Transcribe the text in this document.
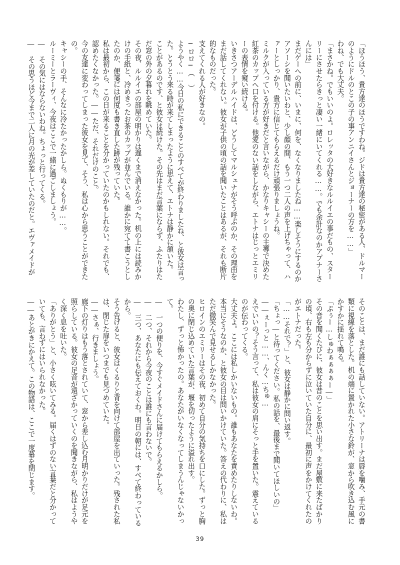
「ほうほう、貴方達のほうですわね。ジドは貴方達の秘密がある人、ドルマーのようにドルのとこの子の事アンニイさんとジョーナーの方を……」

わね、でも大丈夫。

「まさかね。でもいいのよ。ロレッタの大好きなルルイエの事だもの、スターリーにさせたらきっと凄い一緒にいてくれる……。でも余計なのかアプナーさんには」

まだゲーへの前に、いまに、何を、なくなりましたね……楽しそうにするのかアソーシを聞いたいわと、少し顔の間、もう一つ二人の声を上げちゃって、ハァーとしっかり、貴方に信じてもらえるだけ頑張りましょうね。

ミルクが入っている方が好きだと言いながら、かなりキャシーの主導で決めた紅茶のカップへ口を付ける。他愛のない話をしながら、エトナはじっとエミリーの表情を窺い続ける。

いきさつアーデルハイドは、どうしてマルシュナがそう呼ぶのか、その理由をまだ話してくれない。彼女が子供の頃の話を聞いたことはあるが、それも断片的なものだった。

支えてくれる人が好きなの。

─ロロ─（ ）

ようやく……今日の私にできることのすべてが終わりましたね、と彼女は言った。とうとう来る時が来てしまったように思えて、エトナは静かに頷いた。

ことがあるのです、と彼女は続けた。その先はまだ言葉にならず、ふたりはただ窓の外の夕暮れを眺めていた。

その夜、ルルイエの部屋の明かりは遅くまで消えなかった。机の上には読みかけの手紙と、冷めきったお茶のカップが並んでいる。誰かに宛てて書こうとしたのか、便箋には何度も書き直した跡が残っていた。

私は最初から、この日が来ることを分かっていたのかもしれない。それでも、認めたくなかった。――ただ、それだけのこと。

今の友達に変わってしまった彼女を見て、そう、私は心から思うことができたの。

キャシーの手、そんなに冷たかったかしら。ぬくもりが……。

ルーミーとラーヴィ、今夜はここで一緒に過ごしましょう。

― その気にはならないわね。ちょっと行ってくる。

― その思うほど今まで二人に月の光が差していたのだと。エヴァメイドが

そのことは、まだ誰にも話していない。アトリーナは唇を噛み、手元の書類に視線を落とした。机の端に置かれた小さな鈴が、窓から吹き込む風にかすかに揺れて鳴る。

「ぷぅー…しゅわぁぁぁぁー―」

その音を聞くたびに、彼女は昔のことを思い出す。まだ屋敷に来たばかりの頃、右も左も分からずに泣いていた自分に、最初に声をかけてくれたのがエトナだった。

「……それで？」と、彼女は静かに問い返す。

「ちょっ―と待ってください。私の話を、最後まで聞いてほしいの」

――ぇーっと……、んく…ちゅ…

えでいいの？そう言って、私は彼女の肩にそっと手を置いた。震えているのが伝わってくる。

大丈夫よ。ここには私しかいないもの。誰もあなたを責めたりしないわ。

本当にそうなのか、と彼女の目は問いかけていた。答えの代わりに、私はただ微笑んで見せるしかなかった。

ヒロインのエミリーはその夜、初めて自分の気持ちを口にした。ずっと胸の奥に閉じ込めていた言葉が、堰を切ったように溢れ出す。

わたし、ずっと怖かったの。あなたがいなくなってしまうんじゃないかって。

― 一つの便りを、今すぐメイドさんに届けてもらえるかしら。

― 二つ、それから今夜のことは誰にも言わないで。

― 三つ、あなたにも伝えておくわ。明日の朝には、すべて終わっているから。

そう告げると、彼女はくるりと背を向けて部屋を出ていった。残された私は、閉じた扉をいつまでも見つめていた。

――さぁ、行きましょう。

廊下の灯りはもう落とされていて、窓から差し込む月明かりだけが足元を照らしている。彼女の足音が遠ざかっていくのを聞きながら、私はようやく深く息を吐いた。

「ありがとう」と、小さく呟いてみる。届くはずのない言葉だと分かっていても、言わずにはいられなかった。

――あとがきにかえて。この物語は、ここで一度幕を閉じます。

39
